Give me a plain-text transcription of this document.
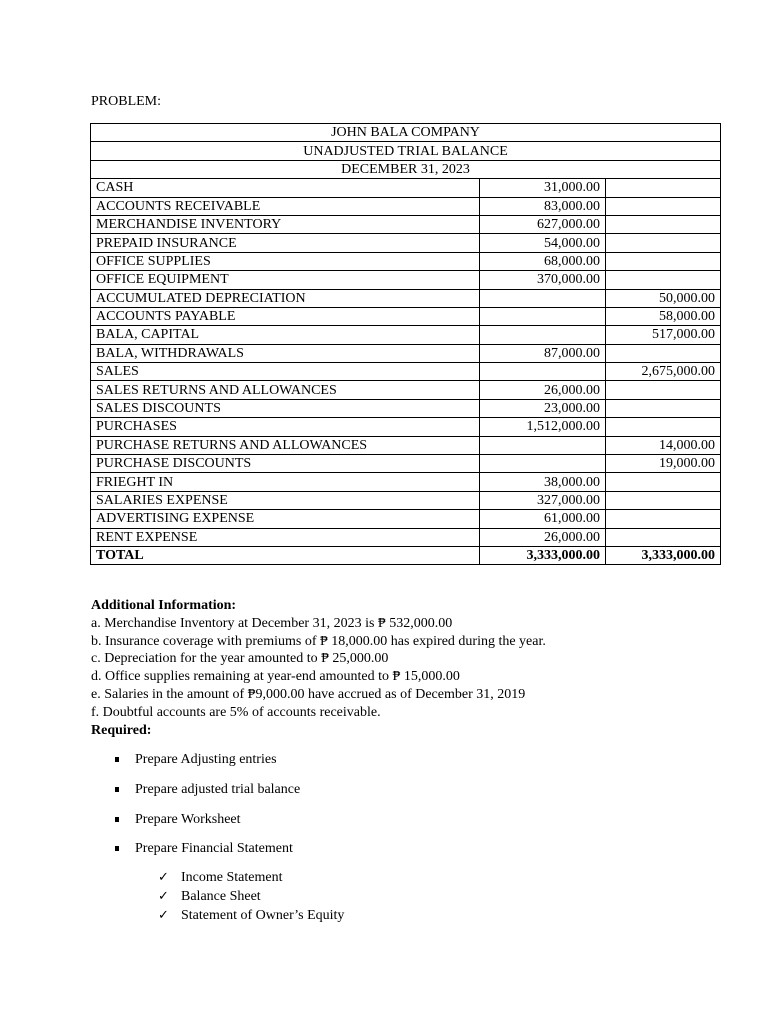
PROBLEM:
JOHN BALA COMPANY		
UNADJUSTED TRIAL BALANCE		
DECEMBER 31, 2023		
CASH	31,000.00	
ACCOUNTS RECEIVABLE	83,000.00	
MERCHANDISE INVENTORY	627,000.00	
PREPAID INSURANCE	54,000.00	
OFFICE SUPPLIES	68,000.00	
OFFICE EQUIPMENT	370,000.00	
ACCUMULATED DEPRECIATION		50,000.00
ACCOUNTS PAYABLE		58,000.00
BALA, CAPITAL		517,000.00
BALA, WITHDRAWALS	87,000.00	
SALES		2,675,000.00
SALES RETURNS AND ALLOWANCES	26,000.00	
SALES DISCOUNTS	23,000.00	
PURCHASES	1,512,000.00	
PURCHASE RETURNS AND ALLOWANCES		14,000.00
PURCHASE DISCOUNTS		19,000.00
FRIEGHT IN	38,000.00	
SALARIES EXPENSE	327,000.00	
ADVERTISING EXPENSE	61,000.00	
RENT EXPENSE	26,000.00	
TOTAL	3,333,000.00	3,333,000.00

Additional Information:

a. Merchandise Inventory at December 31, 2023 is ₱ 532,000.00

b. Insurance coverage with premiums of ₱ 18,000.00 has expired during the year.

c. Depreciation for the year amounted to ₱ 25,000.00

d. Office supplies remaining at year-end amounted to ₱ 15,000.00

e. Salaries in the amount of ₱9,000.00 have accrued as of December 31, 2019

f. Doubtful accounts are 5% of accounts receivable.

Required:

Prepare Adjusting entries
Prepare adjusted trial balance
Prepare Worksheet
Prepare Financial Statement
✓ Income Statement
✓ Balance Sheet
✓ Statement of Owner’s Equity
